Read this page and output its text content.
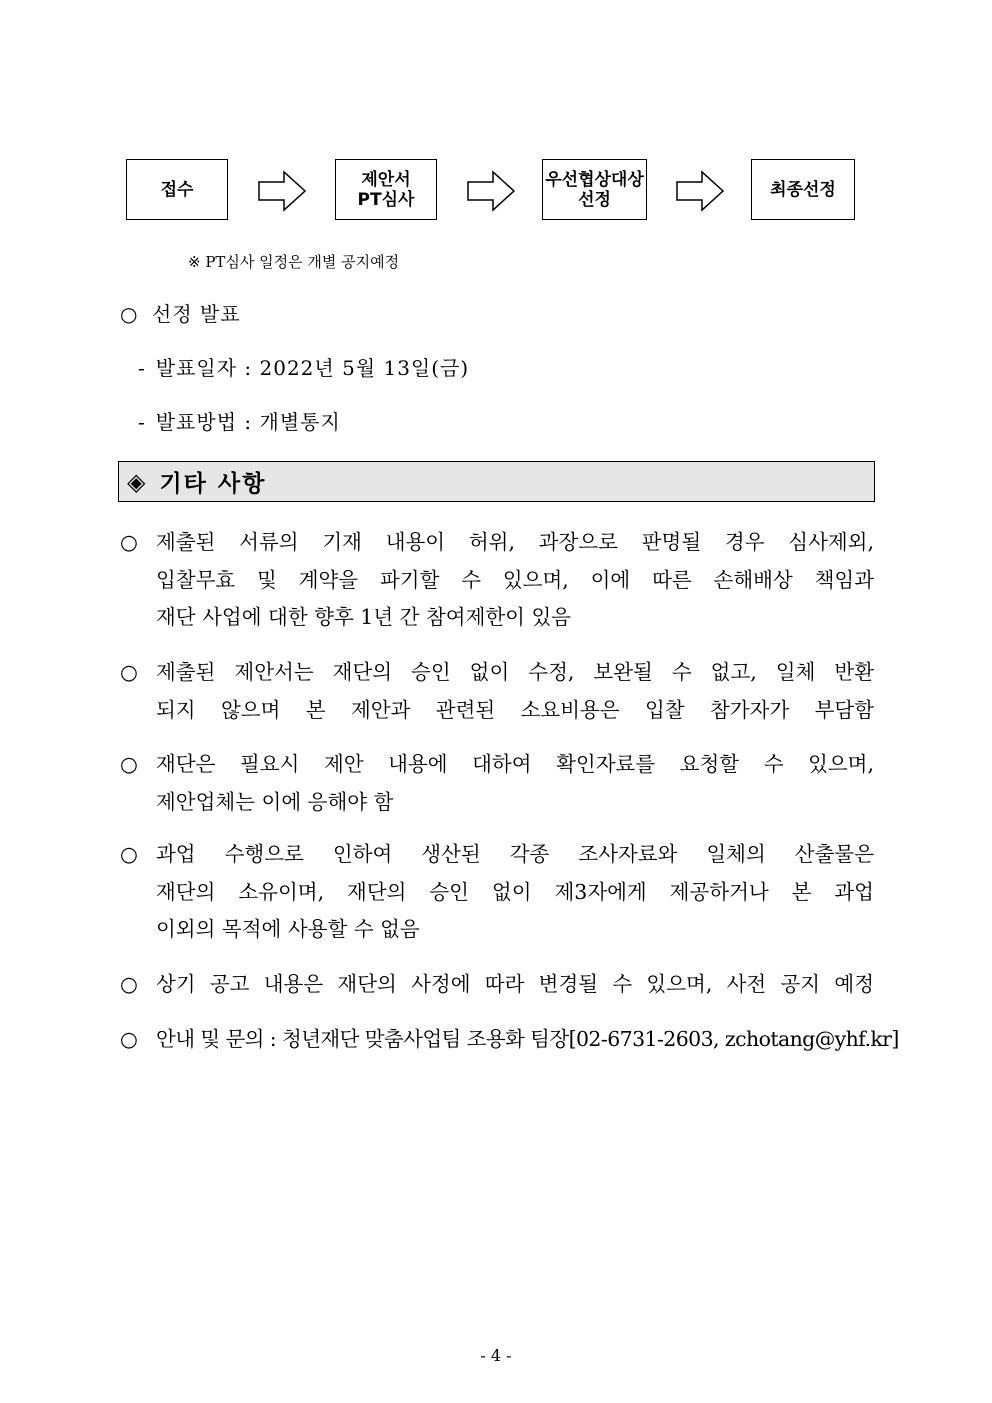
접수	제안서
PT심사
우선협상대상
선정	최종선정
※ PT심사 일정은 개별 공지예정
○ 선정 발표
- 발표일자 : 2022년 5월 13일(금)
- 발표방법 : 개별통지
◈ 기타 사항
○ 제출된 서류의 기재 내용이 허위, 과장으로 판명될 경우 심사제외,
입찰무효 및 계약을 파기할 수 있으며, 이에 따른 손해배상 책임과
재단 사업에 대한 향후 1년 간 참여제한이 있음
○ 제출된 제안서는 재단의 승인 없이 수정, 보완될 수 없고, 일체 반환
되지 않으며 본 제안과 관련된 소요비용은 입찰 참가자가 부담함
○ 재단은 필요시 제안 내용에 대하여 확인자료를 요청할 수 있으며,
제안업체는 이에 응해야 함
○ 과업 수행으로 인하여 생산된 각종 조사자료와 일체의 산출물은
재단의 소유이며, 재단의 승인 없이 제3자에게 제공하거나 본 과업
이외의 목적에 사용할 수 없음
○ 상기 공고 내용은 재단의 사정에 따라 변경될 수 있으며, 사전 공지 예정
○ 안내 및 문의 : 청년재단 맞춤사업팀 조용화 팀장[02-6731-2603, zchotang@yhf.kr]
- 4 -
